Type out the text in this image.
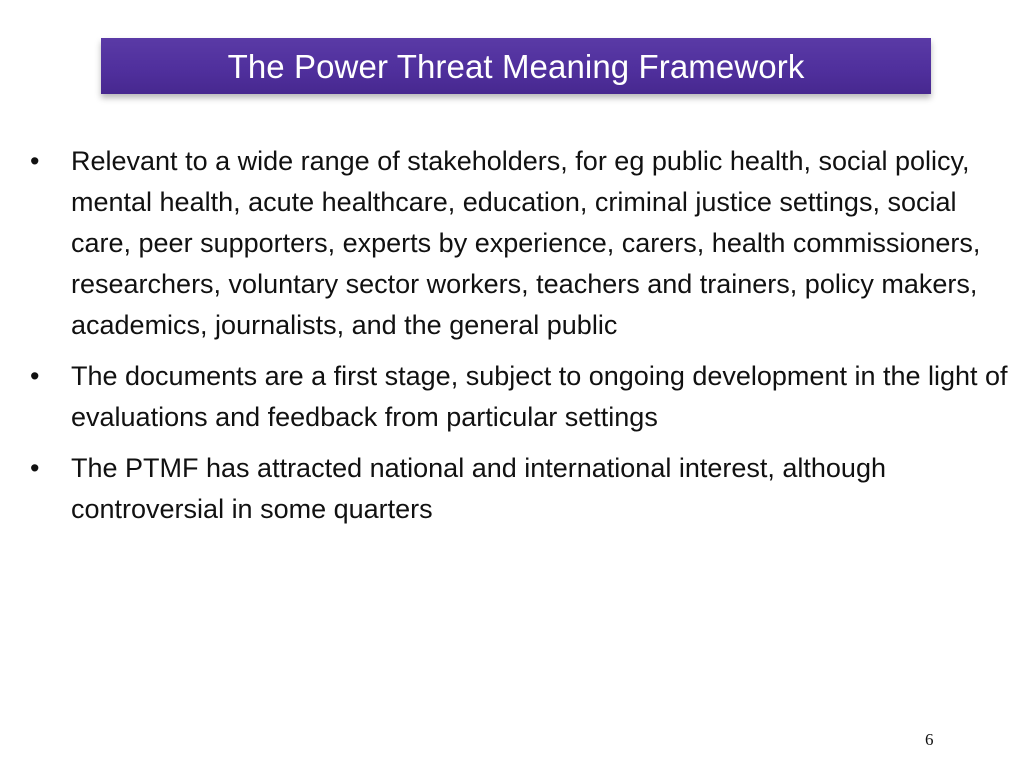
The Power Threat Meaning Framework
•	Relevant to a wide range of stakeholders, for eg public health, social policy, mental health, acute healthcare, education, criminal justice settings, social care, peer supporters, experts by experience, carers, health commissioners, researchers, voluntary sector workers, teachers and trainers, policy makers, academics, journalists, and the general public
•	The documents are a first stage, subject to ongoing development in the light of evaluations and feedback from particular settings
•	The PTMF has attracted national and international interest, although controversial in some quarters
6
